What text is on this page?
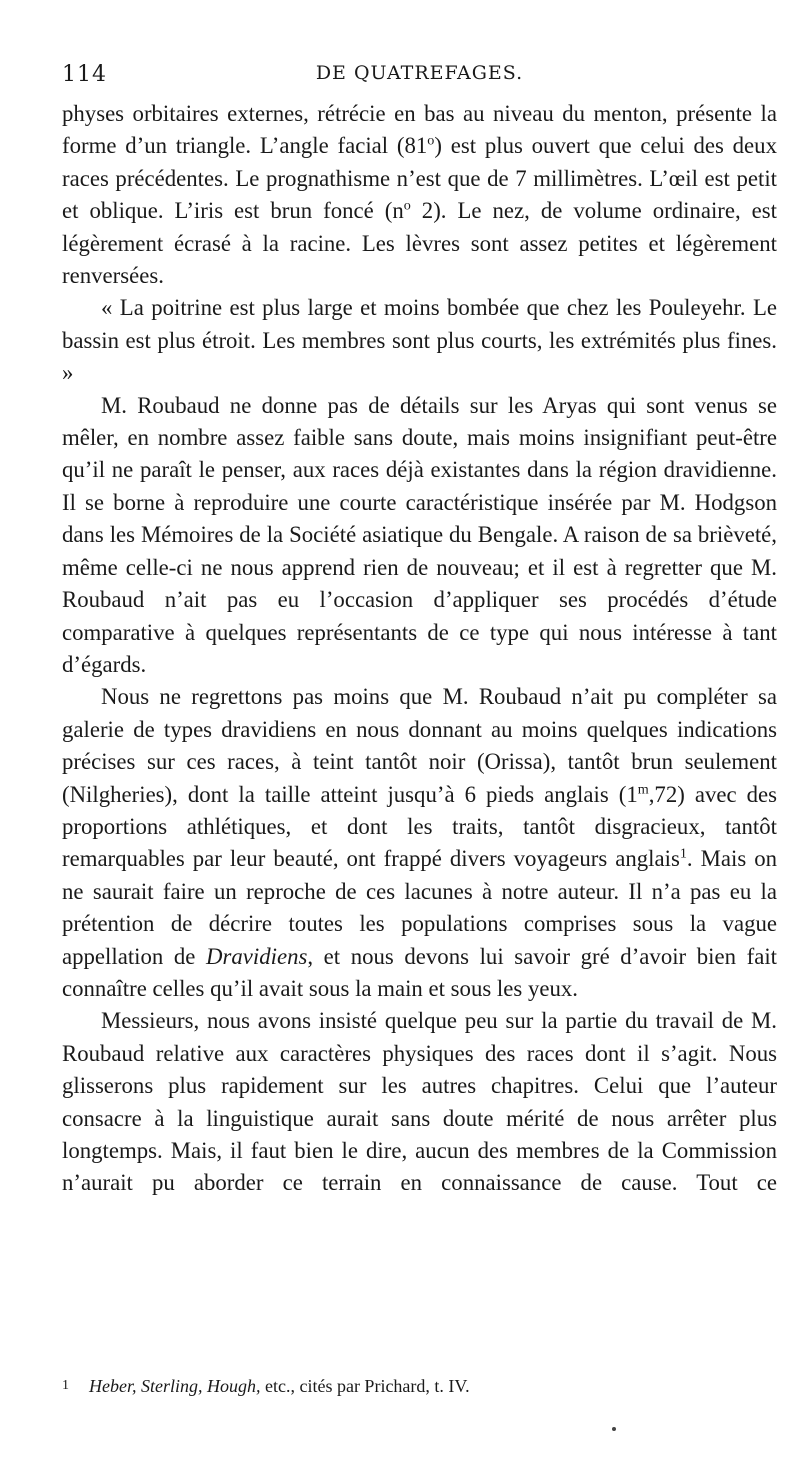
114	DE QUATREFAGES.

physes orbitaires externes, rétrécie en bas au niveau du menton, présente la forme d’un triangle. L’angle facial (81$^o$) est plus ouvert que celui des deux races précédentes. Le prognathisme n’est que de 7 millimètres. L’œil est petit et oblique. L’iris est brun foncé ($n^o$ 2). Le nez, de volume ordinaire, est légèrement écrasé à la racine. Les lèvres sont assez petites et légèrement renversées.

« La poitrine est plus large et moins bombée que chez les Pouleyehr. Le bassin est plus étroit. Les membres sont plus courts, les extrémités plus fines. »

M. Roubaud ne donne pas de détails sur les Aryas qui sont venus se mêler, en nombre assez faible sans doute, mais moins insignifiant peut-être qu’il ne paraît le penser, aux races déjà existantes dans la région dravidienne. Il se borne à reproduire une courte caractéristique insérée par M. Hodgson dans les Mémoires de la Société asiatique du Bengale. A raison de sa brièveté, même celle-ci ne nous apprend rien de nouveau; et il est à regretter que M. Roubaud n’ait pas eu l’occasion d’appliquer ses procédés d’étude comparative à quelques représentants de ce type qui nous intéresse à tant d’égards.

Nous ne regrettons pas moins que M. Roubaud n’ait pu compléter sa galerie de types dravidiens en nous donnant au moins quelques indications précises sur ces races, à teint tantôt noir (Orissa), tantôt brun seulement (Nilgheries), dont la taille atteint jusqu’à 6 pieds anglais (1$^m$,72) avec des proportions athlétiques, et dont les traits, tantôt disgracieux, tantôt remarquables par leur beauté, ont frappé divers voyageurs anglais$^1$. Mais on ne saurait faire un reproche de ces lacunes à notre auteur. Il n’a pas eu la prétention de décrire toutes les populations comprises sous la vague appellation de Dravidiens, et nous devons lui savoir gré d’avoir bien fait connaître celles qu’il avait sous la main et sous les yeux.

Messieurs, nous avons insisté quelque peu sur la partie du travail de M. Roubaud relative aux caractères physiques des races dont il s’agit. Nous glisserons plus rapidement sur les autres chapitres. Celui que l’auteur consacre à la linguistique aurait sans doute mérité de nous arrêter plus longtemps. Mais, il faut bien le dire, aucun des membres de la Commission n’aurait pu aborder ce terrain en connaissance de cause. Tout ce

1 Heber, Sterling, Hough, etc., cités par Prichard, t. IV.
